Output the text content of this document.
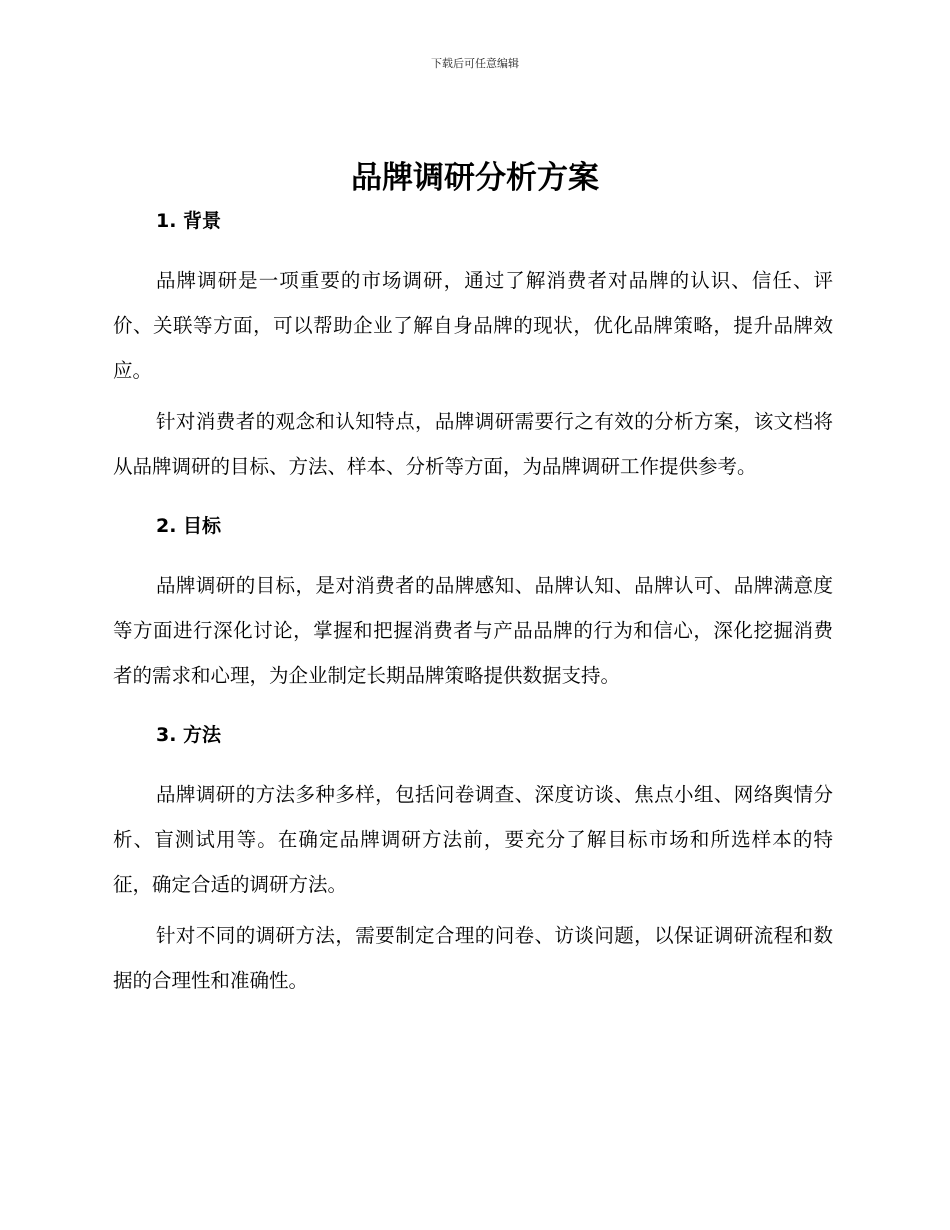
下载后可任意编辑
品牌调研分析方案
1. 背景

品牌调研是一项重要的市场调研，通过了解消费者对品牌的认识、信任、评价、关联等方面，可以帮助企业了解自身品牌的现状，优化品牌策略，提升品牌效应。

针对消费者的观念和认知特点，品牌调研需要行之有效的分析方案，该文档将从品牌调研的目标、方法、样本、分析等方面，为品牌调研工作提供参考。

2. 目标

品牌调研的目标，是对消费者的品牌感知、品牌认知、品牌认可、品牌满意度等方面进行深化讨论，掌握和把握消费者与产品品牌的行为和信心，深化挖掘消费者的需求和心理，为企业制定长期品牌策略提供数据支持。

3. 方法

品牌调研的方法多种多样，包括问卷调查、深度访谈、焦点小组、网络舆情分析、盲测试用等。在确定品牌调研方法前，要充分了解目标市场和所选样本的特征，确定合适的调研方法。

针对不同的调研方法，需要制定合理的问卷、访谈问题，以保证调研流程和数据的合理性和准确性。
